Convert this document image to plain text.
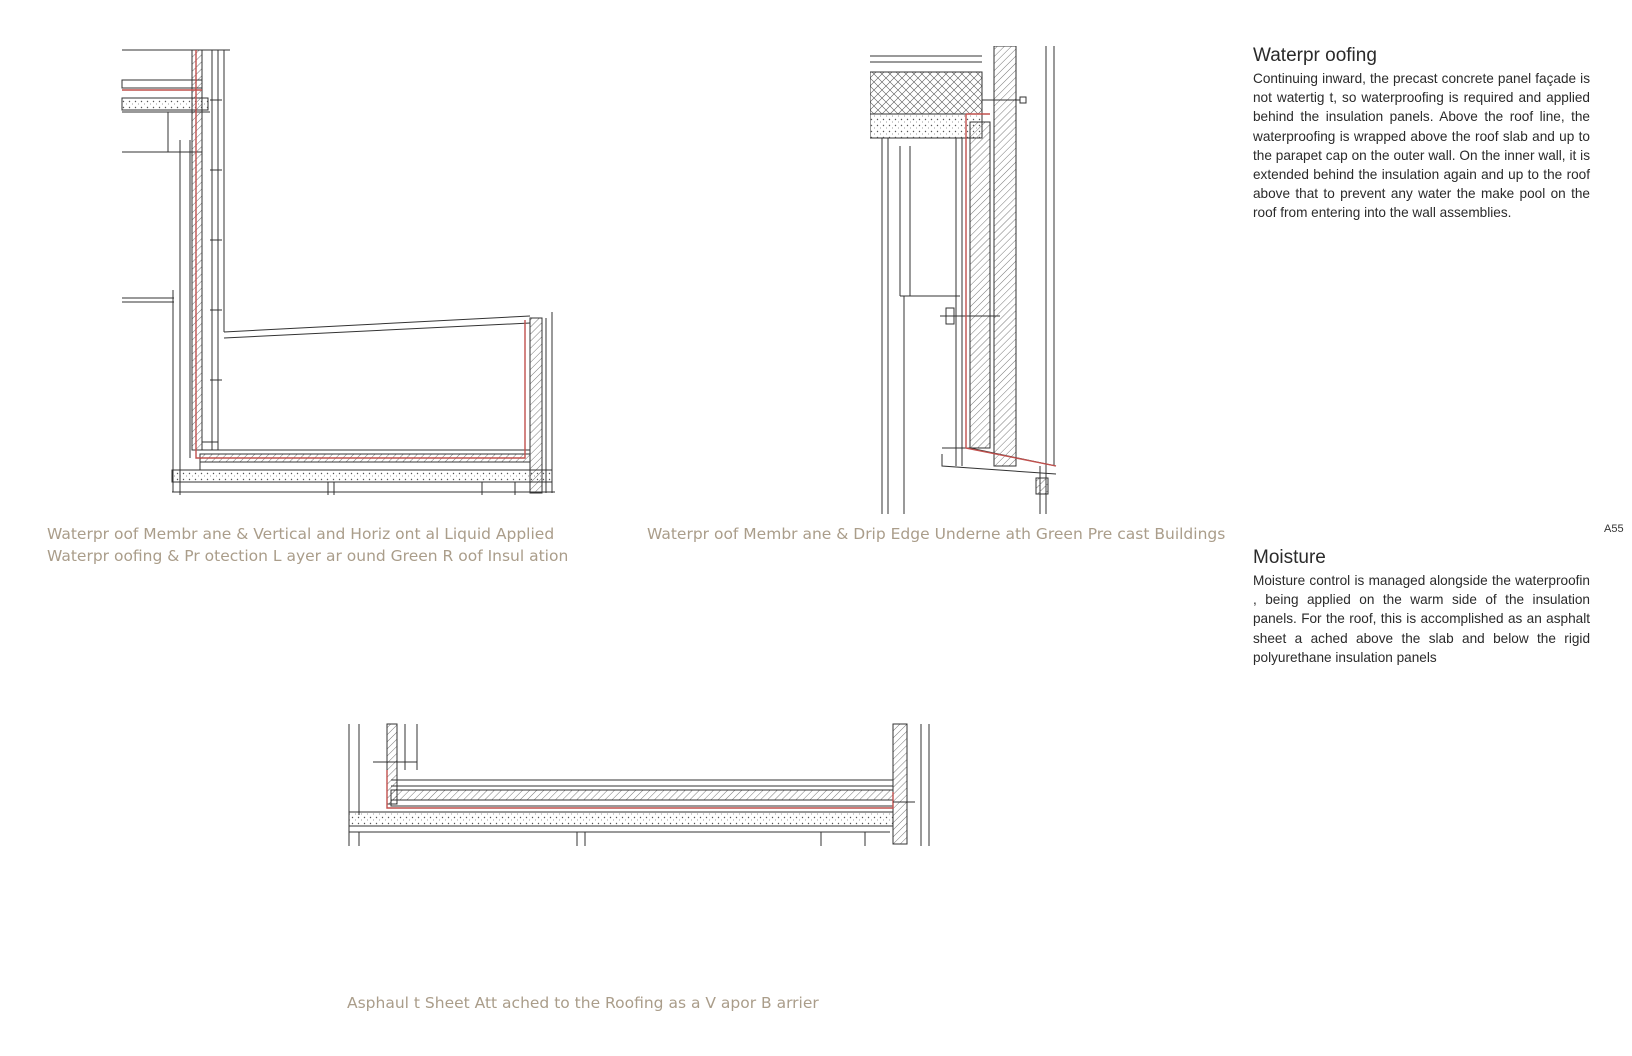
Waterpr oof Membr ane & Vertical and Horiz ont al Liquid Applied

Waterpr oofing & Pr otection L ayer ar ound Green R oof Insul ation

Waterpr oof Membr ane & Drip Edge Underne ath Green Pre cast Buildings

Asphaul t Sheet Att ached to the Roofing as a V apor B arrier

Waterpr oofing

Continuing inward, the precast concrete panel façade is not watertig t, so waterproofing is required and applied behind the insulation panels. Above the roof line, the waterproofing is wrapped above the roof slab and up to the parapet cap on the outer wall. On the inner wall, it is extended behind the insulation again and up to the roof above that to prevent any water the make pool on the roof from entering into the wall assemblies.

A55

Moisture

Moisture control is managed alongside the waterproofin , being applied on the warm side of the insulation panels. For the roof, this is accomplished as an asphalt sheet a ached above the slab and below the rigid polyurethane insulation panels
